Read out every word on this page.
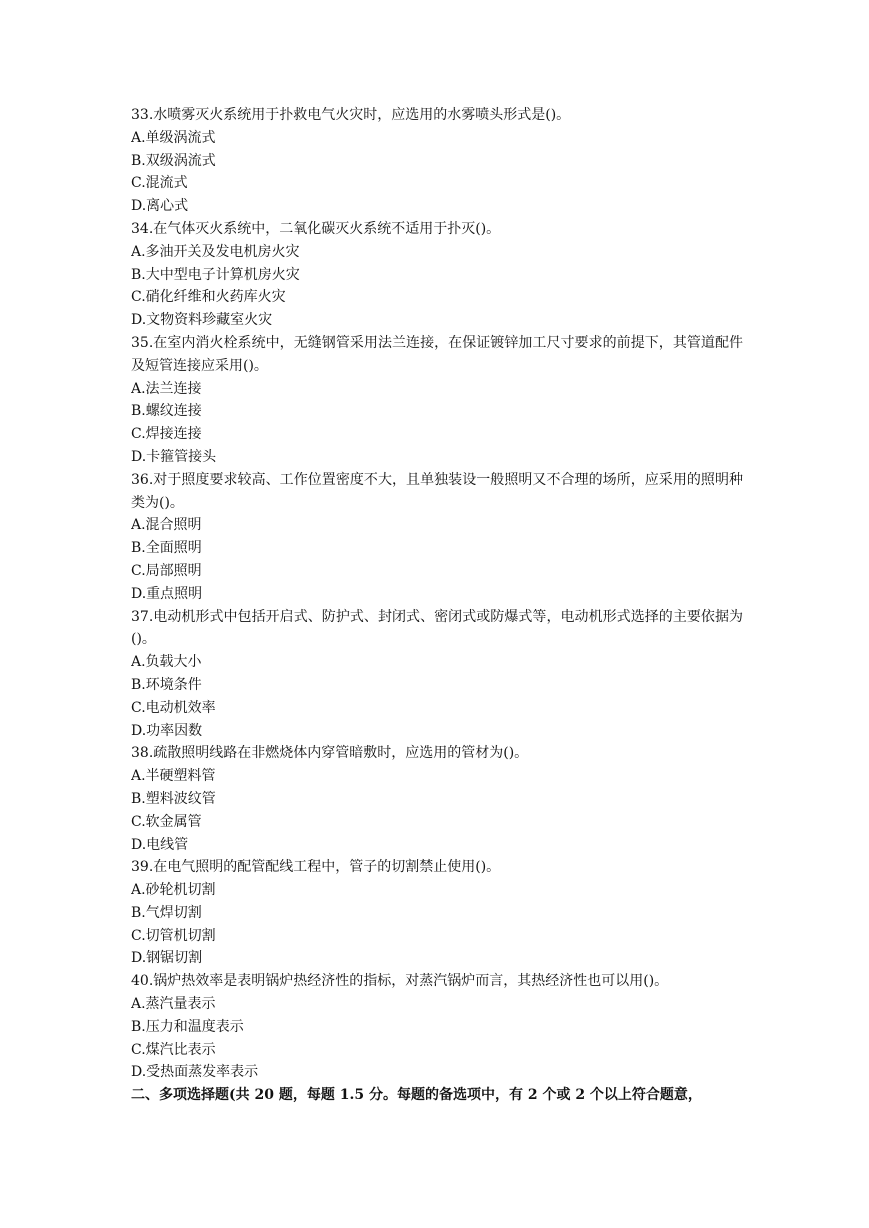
33.水喷雾灭火系统用于扑救电气火灾时，应选用的水雾喷头形式是()。
A.单级涡流式
B.双级涡流式
C.混流式
D.离心式
34.在气体灭火系统中，二氧化碳灭火系统不适用于扑灭()。
A.多油开关及发电机房火灾
B.大中型电子计算机房火灾
C.硝化纤维和火药库火灾
D.文物资料珍藏室火灾
35.在室内消火栓系统中，无缝钢管采用法兰连接，在保证镀锌加工尺寸要求的前提下，其管道配件及短管连接应采用()。
A.法兰连接
B.螺纹连接
C.焊接连接
D.卡箍管接头
36.对于照度要求较高、工作位置密度不大，且单独装设一般照明又不合理的场所，应采用的照明种类为()。
A.混合照明
B.全面照明
C.局部照明
D.重点照明
37.电动机形式中包括开启式、防护式、封闭式、密闭式或防爆式等，电动机形式选择的主要依据为()。
A.负载大小
B.环境条件
C.电动机效率
D.功率因数
38.疏散照明线路在非燃烧体内穿管暗敷时，应选用的管材为()。
A.半硬塑料管
B.塑料波纹管
C.软金属管
D.电线管
39.在电气照明的配管配线工程中，管子的切割禁止使用()。
A.砂轮机切割
B.气焊切割
C.切管机切割
D.钢锯切割
40.锅炉热效率是表明锅炉热经济性的指标，对蒸汽锅炉而言，其热经济性也可以用()。
A.蒸汽量表示
B.压力和温度表示
C.煤汽比表示
D.受热面蒸发率表示
二、多项选择题(共 20 题，每题 1.5 分。每题的备选项中，有 2 个或 2 个以上符合题意，
